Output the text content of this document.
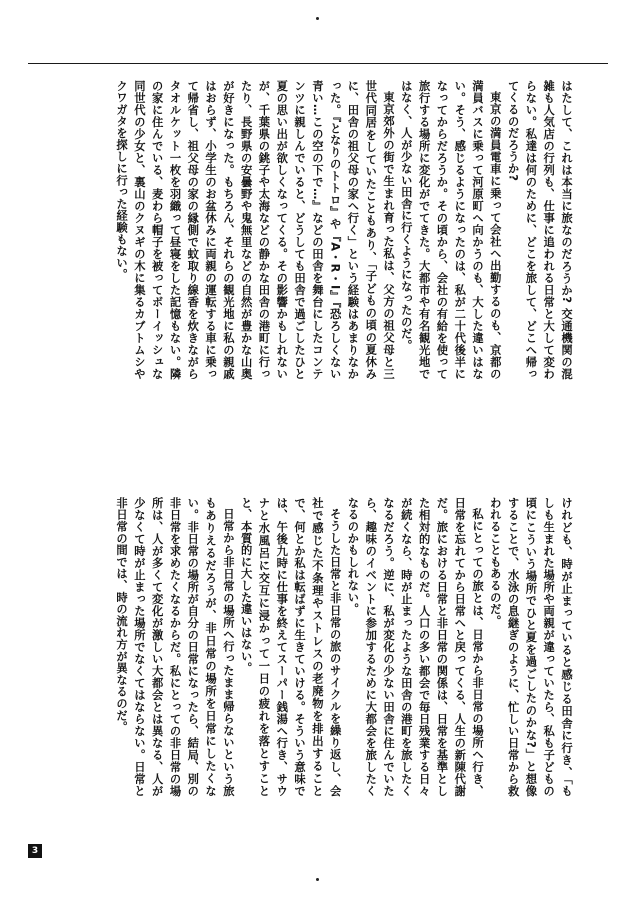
はたして、これは本当に旅なのだろうか? 交通機関の混雑も人気店の行列も、仕事に追われる日常と大して変わらない。私達は何のために、どこを旅して、どこへ帰ってくるのだろうか?

東京の満員電車に乗って会社へ出勤するのも、京都の満員バスに乗って河原町へ向かうのも、大した違いはない。そう、感じるようになったのは、私が二十代後半になってからだろうか。その頃から、会社の有給を使って旅行する場所に変化がでてきた。大都市や有名観光地ではなく、人が少ない田舎に行くようになったのだ。

東京郊外の街で生まれ育った私は、父方の祖父母と三世代同居をしていたこともあり、「子どもの頃の夏休みに、田舎の祖父母の家へ行く」という経験はあまりなかった。『となりのトトロ』や『A・R・I』『恐ろしくない青い…この空の下で…』などの田舎を舞台にしたコンテンツに親しんでいると、どうしても田舎で過ごしたひと夏の思い出が欲しくなってくる。その影響かもしれないが、千葉県の銚子や太海などの静かな田舎の港町に行ったり、長野県の安曇野や鬼無里などの自然が豊かな山奥が好きになった。もちろん、それらの観光地に私の親戚はおらず、小学生のお盆休みに両親の運転する車に乗って帰省し、祖父母の家の縁側で蚊取り線香を炊きながらタオルケット一枚を羽織って昼寝をした記憶もない。隣の家に住んでいる、麦わら帽子を被ってボーイッシュな同世代の少女と、裏山のクヌギの木に集るカブトムシやクワガタを探しに行った経験もない。

けれども、時が止まっていると感じる田舎に行き、「もしも生まれた場所や両親が違っていたら、私も子どもの頃にこういう場所でひと夏を過ごしたのかな?」と想像することで、水泳の息継ぎのように、忙しい日常から救われることもあるのだ。

私にとっての旅とは、日常から非日常の場所へ行き、日常を忘れてから日常へと戻ってくる、人生の新陳代謝だ。旅における日常と非日常の関係は、日常を基準とした相対的なものだ。人口の多い都会で毎日残業する日々が続くなら、時が止まったような田舎の港町を旅したくなるだろう。逆に、私が変化の少ない田舎に住んでいたら、趣味のイベントに参加するために大都会を旅したくなるのかもしれない。

そうした日常と非日常の旅のサイクルを繰り返し、会社で感じた不条理やストレスの老廃物を排出することで、何とか私は転ばずに生きていける。そういう意味では、午後九時に仕事を終えてスーパー銭湯へ行き、サウナと水風呂に交互に浸かって一日の疲れを落とすことと、本質的に大した違いはない。

日常から非日常の場所へ行ったまま帰らないという旅もありえるだろうが、非日常の場所を日常にしたくない。非日常の場所が自分の日常になったら、結局、別の非日常を求めたくなるからだ。私にとっての非日常の場所は、人が多くて変化が激しい大都会とは異なる、人が少なくて時が止まった場所でなくてはならない。日常と非日常の間では、時の流れ方が異なるのだ。

3
